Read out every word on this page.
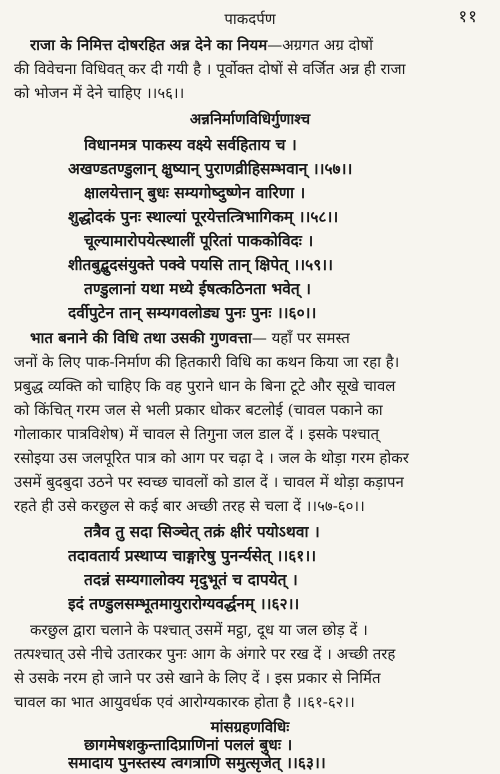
पाकदर्पण	११
राजा के निमित्त दोषरहित अन्न देने का नियम—अग्रगत अग्र दोषों
की विवेचना विधिवत् कर दी गयी है । पूर्वोक्त दोषों से वर्जित अन्न ही राजा
को भोजन में देने चाहिए ।।५६।।
अन्ननिर्माणविधिर्गुणाश्च
विधानमत्र पाकस्य वक्ष्ये सर्वहिताय च ।
अखण्डतण्डुलान् क्षुष्यान् पुराणव्रीहिसम्भवान् ।।५७।।
क्षालयेत्तान् बुधः सम्यगोष्दुष्णेन वारिणा ।
शुद्धोदकं पुनः स्थाल्यां पूरयेत्तत्त्रिभागिकम् ।।५८।।
चूल्यामारोपयेत्स्थालीं पूरितां पाककोविदः ।
शीतबुद्बुदसंयुक्ते पक्वे पयसि तान् क्षिपेत् ।।५९।।
तण्डुलानां यथा मध्ये ईषत्कठिनता भवेत् ।
दर्वीपुटेन तान् सम्यगवलोड्य पुनः पुनः ।।६०।।
भात बनाने की विधि तथा उसकी गुणवत्ता— यहाँ पर समस्त
जनों के लिए पाक-निर्माण की हितकारी विधि का कथन किया जा रहा है।
प्रबुद्ध व्यक्ति को चाहिए कि वह पुराने धान के बिना टूटे और सूखे चावल
को किंचित् गरम जल से भली प्रकार धोकर बटलोई (चावल पकाने का
गोलाकार पात्रविशेष) में चावल से तिगुना जल डाल दें । इसके पश्चात्
रसोइया उस जलपूरित पात्र को आग पर चढ़ा दे । जल के थोड़ा गरम होकर
उसमें बुदबुदा उठने पर स्वच्छ चावलों को डाल दें । चावल में थोड़ा कड़ापन
रहते ही उसे करछुल से कई बार अच्छी तरह से चला दें ।।५७-६०।।
तत्रैव तु सदा सिञ्चेत् तक्रं क्षीरं पयोऽथवा ।
तदावतार्य प्रस्थाप्य चाङ्गारेषु पुनर्न्यसेत् ।।६१।।
तदन्नं सम्यगालोक्य मृदुभूतं च दापयेत् ।
इदं तण्डुलसम्भूतमायुरारोग्यवर्द्धनम् ।।६२।।
करछुल द्वारा चलाने के पश्चात् उसमें मट्ठा, दूध या जल छोड़ दें ।
तत्पश्चात् उसे नीचे उतारकर पुनः आग के अंगारे पर रख दें । अच्छी तरह
से उसके नरम हो जाने पर उसे खाने के लिए दें । इस प्रकार से निर्मित
चावल का भात आयुवर्धक एवं आरोग्यकारक होता है ।।६१-६२।।
मांसग्रहणविधिः
छागमेषशकुन्तादिप्राणिनां पललं बुधः ।
समादाय पुनस्तस्य त्वगत्राणि समुत्सृजेत् ।।६३।।
